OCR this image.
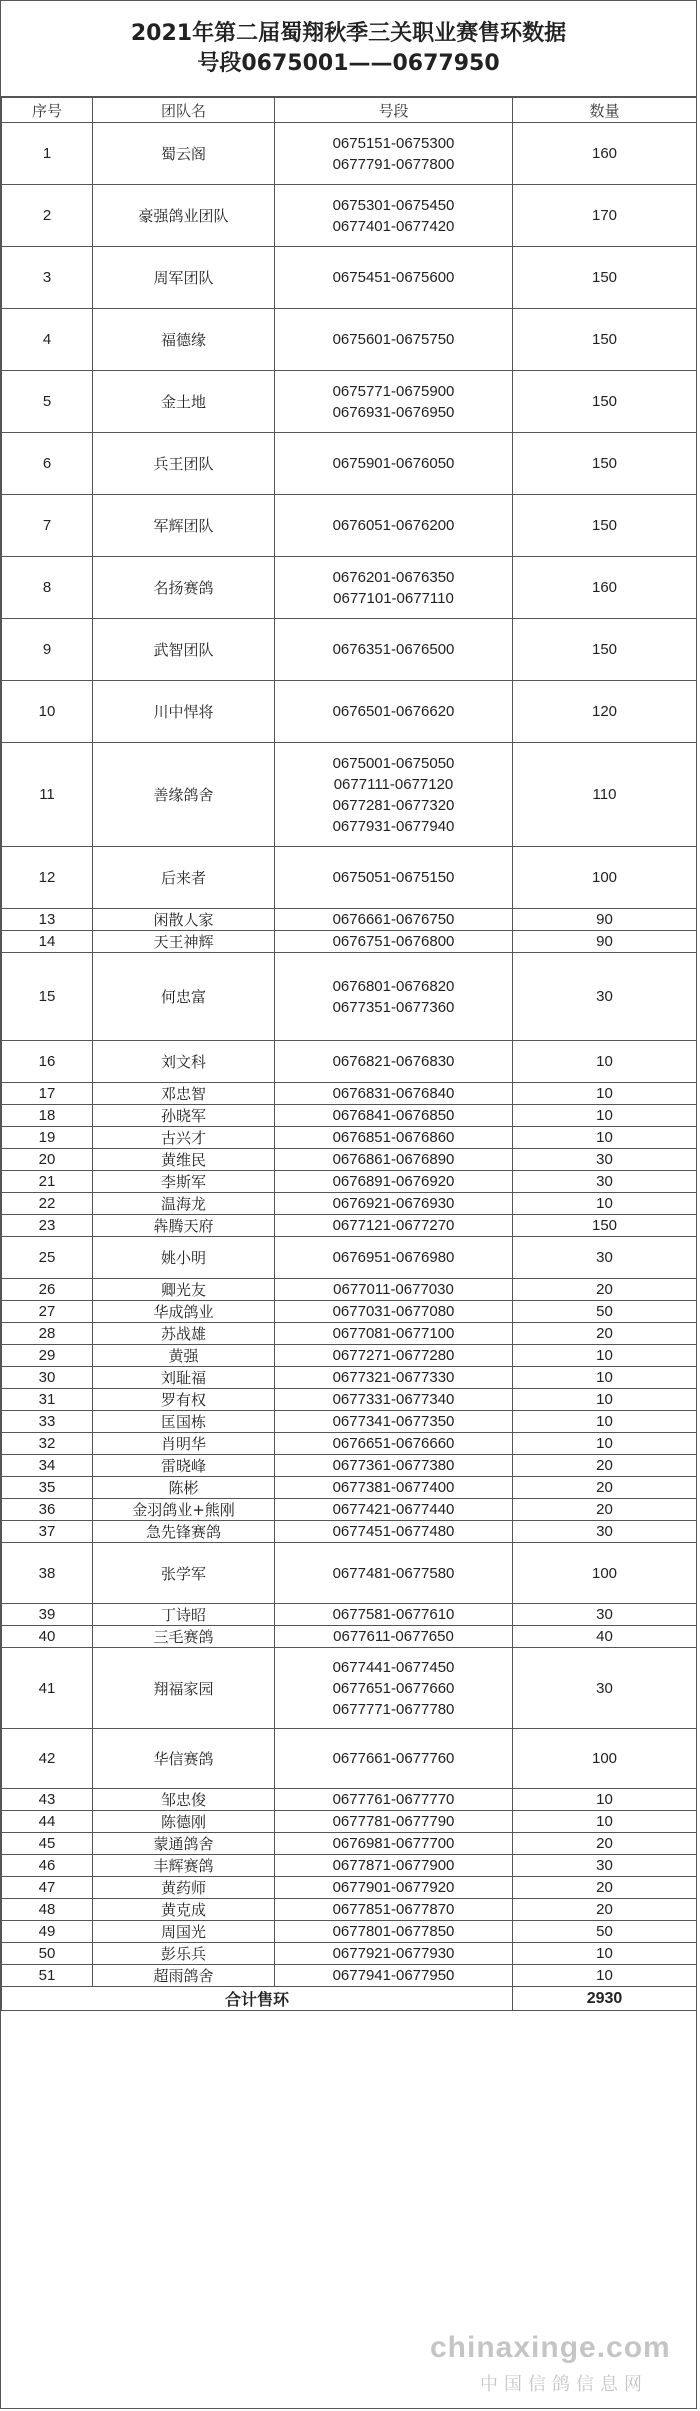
2021年第二届蜀翔秋季三关职业赛售环数据
号段0675001——0677950
序号	团队名	号段	数量
1	蜀云阁	0675151-0675300
0677791-0677800	160
2	豪强鸽业团队	0675301-0675450
0677401-0677420	170
3	周军团队	0675451-0675600	150
4	福德缘	0675601-0675750	150
5	金土地	0675771-0675900
0676931-0676950	150
6	兵王团队	0675901-0676050	150
7	军辉团队	0676051-0676200	150
8	名扬赛鸽	0676201-0676350
0677101-0677110	160
9	武智团队	0676351-0676500	150
10	川中悍将	0676501-0676620	120
11	善缘鸽舍	0675001-0675050
0677111-0677120
0677281-0677320
0677931-0677940	110
12	后来者	0675051-0675150	100
13	闲散人家	0676661-0676750	90
14	天王神辉	0676751-0676800	90
15	何忠富	0676801-0676820
0677351-0677360	30
16	刘文科	0676821-0676830	10
17	邓忠智	0676831-0676840	10
18	孙晓军	0676841-0676850	10
19	古兴才	0676851-0676860	10
20	黄维民	0676861-0676890	30
21	李斯军	0676891-0676920	30
22	温海龙	0676921-0676930	10
23	犇腾天府	0677121-0677270	150
25	姚小明	0676951-0676980	30
26	卿光友	0677011-0677030	20
27	华成鸽业	0677031-0677080	50
28	苏战雄	0677081-0677100	20
29	黄强	0677271-0677280	10
30	刘耻福	0677321-0677330	10
31	罗有权	0677331-0677340	10
33	匡国栋	0677341-0677350	10
32	肖明华	0676651-0676660	10
34	雷晓峰	0677361-0677380	20
35	陈彬	0677381-0677400	20
36	金羽鸽业+熊刚	0677421-0677440	20
37	急先锋赛鸽	0677451-0677480	30
38	张学军	0677481-0677580	100
39	丁诗昭	0677581-0677610	30
40	三毛赛鸽	0677611-0677650	40
41	翔福家园	0677441-0677450
0677651-0677660
0677771-0677780	30
42	华信赛鸽	0677661-0677760	100
43	邹忠俊	0677761-0677770	10
44	陈德刚	0677781-0677790	10
45	蒙通鸽舍	0676981-0677700	20
46	丰辉赛鸽	0677871-0677900	30
47	黄药师	0677901-0677920	20
48	黄克成	0677851-0677870	20
49	周国光	0677801-0677850	50
50	彭乐兵	0677921-0677930	10
51	超雨鸽舍	0677941-0677950	10
合计售环			2930
chinaxinge.com
中国信鸽信息网
